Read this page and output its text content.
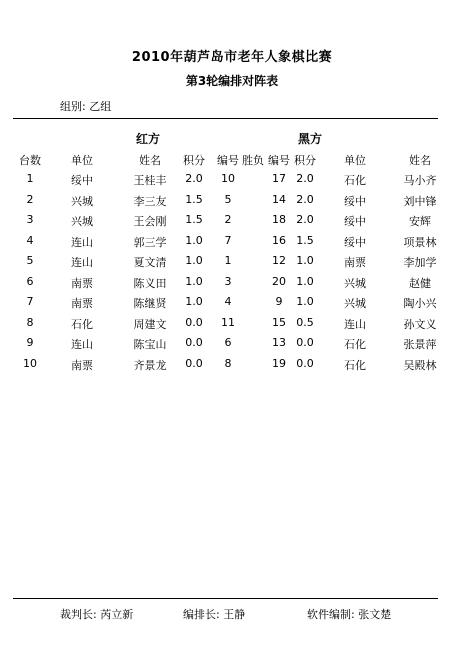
2010年葫芦岛市老年人象棋比赛
第3轮编排对阵表
组别: 乙组
红方	黑方
台数	单位	姓名 积分 编号 胜负 编号 积分	单位	姓名
1	绥中	王桂丰 2.0 10	17 2.0	石化	马小齐
2	兴城	李三友 1.5 5	14 2.0	绥中	刘中锋
3	兴城	王会刚 1.5 2	18 2.0	绥中	安辉
4	连山	郭三学 1.0 7	16 1.5	绥中	项景林
5	连山	夏文清 1.0 1	12 1.0	南票	李加学
6	南票	陈义田 1.0 3	20 1.0	兴城	赵健
7	南票	陈继贤 1.0 4	9 1.0	兴城	陶小兴
8	石化	周建文 0.0 11	15 0.5	连山	孙文义
9	连山	陈宝山 0.0 6	13 0.0	石化	张景萍
10	南票	齐景龙 0.0 8	19 0.0	石化	吴殿林
裁判长: 芮立新	编排长: 王静	软件编制: 张文楚
